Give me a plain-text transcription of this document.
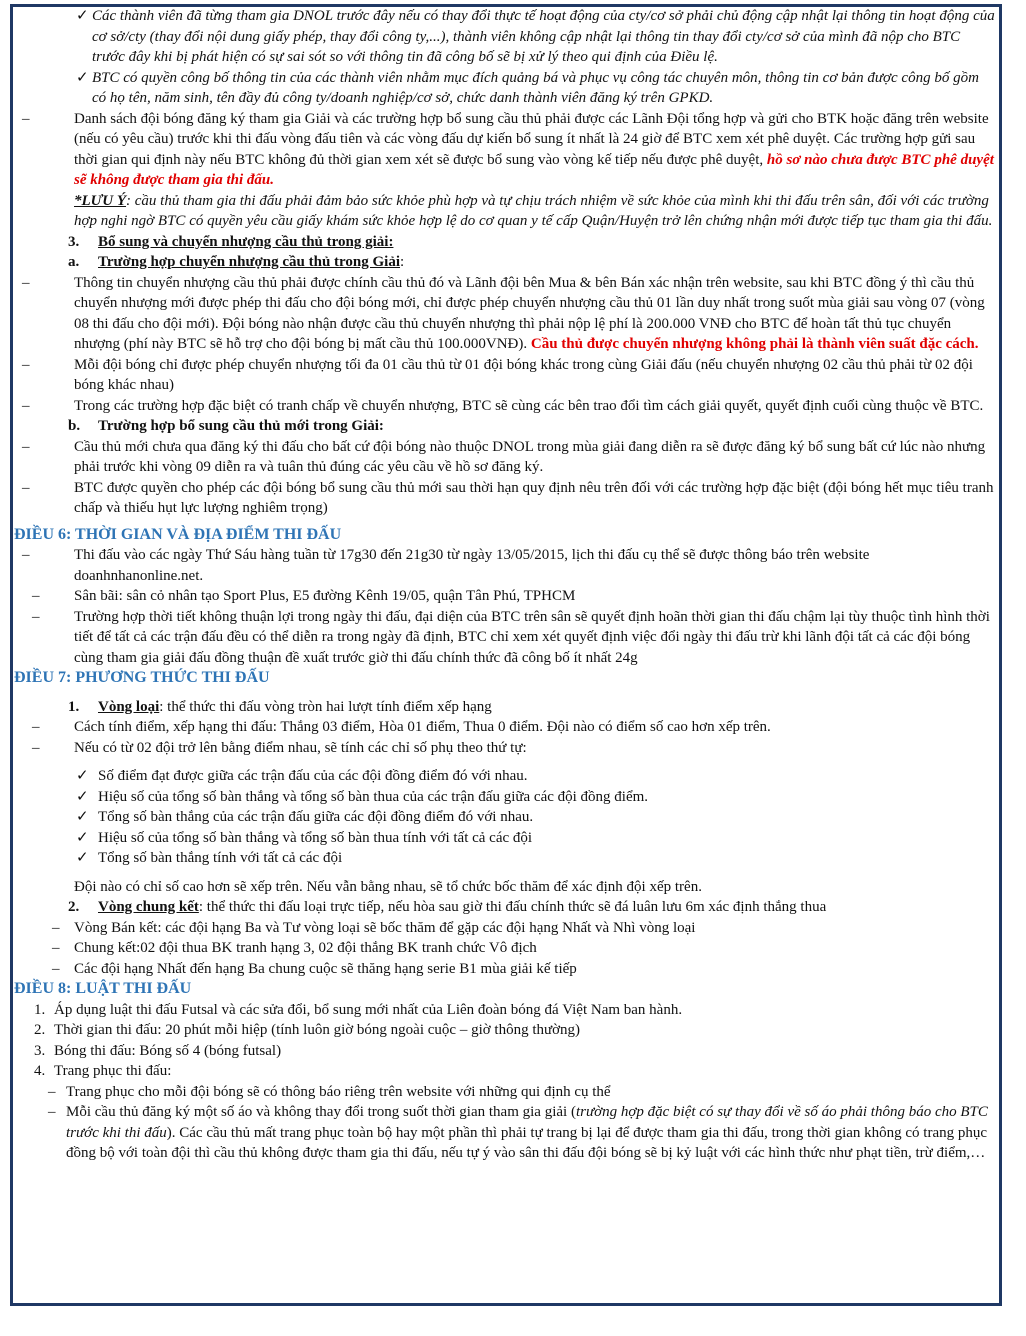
✓ Các thành viên đã từng tham gia DNOL trước đây nếu có thay đổi thực tế hoạt động của cty/cơ sở phải chủ động cập nhật lại thông tin hoạt động của cơ sở/cty (thay đổi nội dung giấy phép, thay đổi công ty,...), thành viên không cập nhật lại thông tin thay đổi cty/cơ sở của mình đã nộp cho BTC trước đây khi bị phát hiện có sự sai sót so với thông tin đã công bố sẽ bị xử lý theo qui định của Điều lệ.
✓ BTC có quyền công bố thông tin của các thành viên nhằm mục đích quảng bá và phục vụ công tác chuyên môn, thông tin cơ bản được công bố gồm có họ tên, năm sinh, tên đầy đủ công ty/doanh nghiệp/cơ sở, chức danh thành viên đăng ký trên GPKD.
–	Danh sách đội bóng đăng ký tham gia Giải và các trường hợp bổ sung cầu thủ phải được các Lãnh Đội tổng hợp và gửi cho BTK hoặc đăng trên website (nếu có yêu cầu) trước khi thi đấu vòng đấu tiên và các vòng đấu dự kiến bổ sung ít nhất là 24 giờ để BTC xem xét phê duyệt. Các trường hợp gửi sau thời gian qui định này nếu BTC không đủ thời gian xem xét sẽ được bổ sung vào vòng kế tiếp nếu được phê duyệt, hồ sơ nào chưa được BTC phê duyệt sẽ không được tham gia thi đấu.
*LƯU Ý: cầu thủ tham gia thi đấu phải đảm bảo sức khỏe phù hợp và tự chịu trách nhiệm về sức khỏe của mình khi thi đấu trên sân, đối với các trường hợp nghi ngờ BTC có quyền yêu cầu giấy khám sức khỏe hợp lệ do cơ quan y tế cấp Quận/Huyện trở lên chứng nhận mới được tiếp tục tham gia thi đấu.
3. Bổ sung và chuyển nhượng cầu thủ trong giải:
a. Trường hợp chuyển nhượng cầu thủ trong Giải:
–	Thông tin chuyển nhượng cầu thủ phải được chính cầu thủ đó và Lãnh đội bên Mua & bên Bán xác nhận trên website, sau khi BTC đồng ý thì cầu thủ chuyển nhượng mới được phép thi đấu cho đội bóng mới, chỉ được phép chuyển nhượng cầu thủ 01 lần duy nhất trong suốt mùa giải sau vòng 07 (vòng 08 thi đấu cho đội mới). Đội bóng nào nhận được cầu thủ chuyển nhượng thì phải nộp lệ phí là 200.000 VNĐ cho BTC để hoàn tất thủ tục chuyển nhượng (phí này BTC sẽ hỗ trợ cho đội bóng bị mất cầu thủ 100.000VNĐ). Cầu thủ được chuyển nhượng không phải là thành viên suất đặc cách.
–	Mỗi đội bóng chỉ được phép chuyển nhượng tối đa 01 cầu thủ từ 01 đội bóng khác trong cùng Giải đấu (nếu chuyển nhượng 02 cầu thủ phải từ 02 đội bóng khác nhau)
–	Trong các trường hợp đặc biệt có tranh chấp về chuyển nhượng, BTC sẽ cùng các bên trao đổi tìm cách giải quyết, quyết định cuối cùng thuộc về BTC.
b. Trường hợp bổ sung cầu thủ mới trong Giải:
–	Cầu thủ mới chưa qua đăng ký thi đấu cho bất cứ đội bóng nào thuộc DNOL trong mùa giải đang diễn ra sẽ được đăng ký bổ sung bất cứ lúc nào nhưng phải trước khi vòng 09 diễn ra và tuân thủ đúng các yêu cầu về hồ sơ đăng ký.
–	BTC được quyền cho phép các đội bóng bổ sung cầu thủ mới sau thời hạn quy định nêu trên đối với các trường hợp đặc biệt (đội bóng hết mục tiêu tranh chấp và thiếu hụt lực lượng nghiêm trọng)
ĐIỀU 6: THỜI GIAN VÀ ĐỊA ĐIỂM THI ĐẤU
–	Thi đấu vào các ngày Thứ Sáu hàng tuần từ 17g30 đến 21g30 từ ngày 13/05/2015, lịch thi đấu cụ thể sẽ được thông báo trên website doanhnhanonline.net.
– Sân bãi: sân cỏ nhân tạo Sport Plus, E5 đường Kênh 19/05, quận Tân Phú, TPHCM
– Trường hợp thời tiết không thuận lợi trong ngày thi đấu, đại diện của BTC trên sân sẽ quyết định hoãn thời gian thi đấu chậm lại tùy thuộc tình hình thời tiết để tất cả các trận đấu đều có thể diễn ra trong ngày đã định, BTC chỉ xem xét quyết định việc đổi ngày thi đấu trừ khi lãnh đội tất cả các đội bóng cùng tham gia giải đấu đồng thuận đề xuất trước giờ thi đấu chính thức đã công bố ít nhất 24g
ĐIỀU 7: PHƯƠNG THỨC THI ĐẤU
1. Vòng loại: thể thức thi đấu vòng tròn hai lượt tính điểm xếp hạng
– Cách tính điểm, xếp hạng thi đấu: Thắng 03 điểm, Hòa 01 điểm, Thua 0 điểm. Đội nào có điểm số cao hơn xếp trên.
– Nếu có từ 02 đội trở lên bằng điểm nhau, sẽ tính các chỉ số phụ theo thứ tự:
✓ Số điểm đạt được giữa các trận đấu của các đội đồng điểm đó với nhau.
✓ Hiệu số của tổng số bàn thắng và tổng số bàn thua của các trận đấu giữa các đội đồng điểm.
✓ Tổng số bàn thắng của các trận đấu giữa các đội đồng điểm đó với nhau.
✓ Hiệu số của tổng số bàn thắng và tổng số bàn thua tính với tất cả các đội
✓ Tổng số bàn thắng tính với tất cả các đội
Đội nào có chỉ số cao hơn sẽ xếp trên. Nếu vẫn bằng nhau, sẽ tổ chức bốc thăm để xác định đội xếp trên.
2. Vòng chung kết: thể thức thi đấu loại trực tiếp, nếu hòa sau giờ thi đấu chính thức sẽ đá luân lưu 6m xác định thắng thua
– Vòng Bán kết: các đội hạng Ba và Tư vòng loại sẽ bốc thăm để gặp các đội hạng Nhất và Nhì vòng loại
– Chung kết:02 đội thua BK tranh hạng 3, 02 đội thắng BK tranh chức Vô địch
– Các đội hạng Nhất đến hạng Ba chung cuộc sẽ thăng hạng serie B1 mùa giải kế tiếp
ĐIỀU 8: LUẬT THI ĐẤU
1. Áp dụng luật thi đấu Futsal và các sửa đổi, bổ sung mới nhất của Liên đoàn bóng đá Việt Nam ban hành.
2. Thời gian thi đấu: 20 phút mỗi hiệp (tính luôn giờ bóng ngoài cuộc – giờ thông thường)
3. Bóng thi đấu: Bóng số 4 (bóng futsal)
4. Trang phục thi đấu:
– Trang phục cho mỗi đội bóng sẽ có thông báo riêng trên website với những qui định cụ thể
– Mỗi cầu thủ đăng ký một số áo và không thay đổi trong suốt thời gian tham gia giải (trường hợp đặc biệt có sự thay đổi về số áo phải thông báo cho BTC trước khi thi đấu). Các cầu thủ mất trang phục toàn bộ hay một phần thì phải tự trang bị lại để được tham gia thi đấu, trong thời gian không có trang phục đồng bộ với toàn đội thì cầu thủ không được tham gia thi đấu, nếu tự ý vào sân thi đấu đội bóng sẽ bị kỷ luật với các hình thức như phạt tiền, trừ điểm,…
